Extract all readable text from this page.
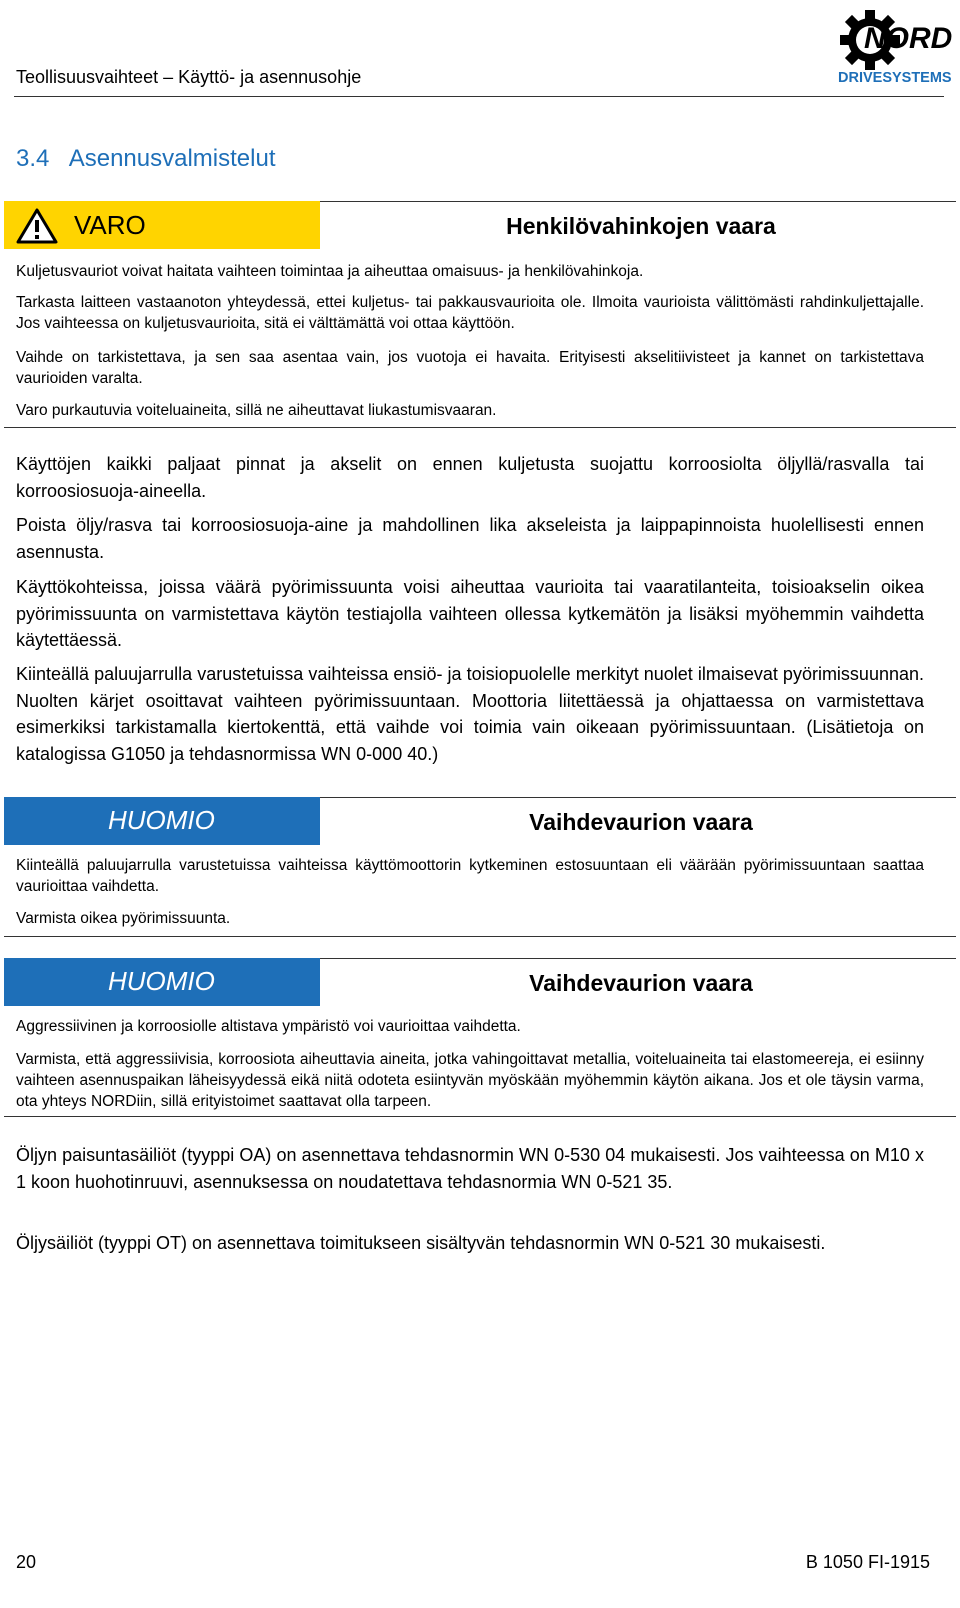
Teollisuusvaihteet – Käyttö- ja asennusohje
NORD
DRIVESYSTEMS
3.4 Asennusvalmistelut
VARO	Henkilövahinkojen vaara
Kuljetusvauriot voivat haitata vaihteen toimintaa ja aiheuttaa omaisuus- ja henkilövahinkoja.
Tarkasta laitteen vastaanoton yhteydessä, ettei kuljetus- tai pakkausvaurioita ole. Ilmoita vaurioista välittömästi rahdinkuljettajalle. Jos vaihteessa on kuljetusvaurioita, sitä ei välttämättä voi ottaa käyttöön.
Vaihde on tarkistettava, ja sen saa asentaa vain, jos vuotoja ei havaita. Erityisesti akselitiivisteet ja kannet on tarkistettava vaurioiden varalta.
Varo purkautuvia voiteluaineita, sillä ne aiheuttavat liukastumisvaaran.
Käyttöjen kaikki paljaat pinnat ja akselit on ennen kuljetusta suojattu korroosiolta öljyllä/rasvalla tai korroosiosuoja-aineella.
Poista öljy/rasva tai korroosiosuoja-aine ja mahdollinen lika akseleista ja laippapinnoista huolellisesti ennen asennusta.
Käyttökohteissa, joissa väärä pyörimissuunta voisi aiheuttaa vaurioita tai vaaratilanteita, toisioakselin oikea pyörimissuunta on varmistettava käytön testiajolla vaihteen ollessa kytkemätön ja lisäksi myöhemmin vaihdetta käytettäessä.
Kiinteällä paluujarrulla varustetuissa vaihteissa ensiö- ja toisiopuolelle merkityt nuolet ilmaisevat pyörimissuunnan. Nuolten kärjet osoittavat vaihteen pyörimissuuntaan. Moottoria liitettäessä ja ohjattaessa on varmistettava esimerkiksi tarkistamalla kiertokenttä, että vaihde voi toimia vain oikeaan pyörimissuuntaan. (Lisätietoja on katalogissa G1050 ja tehdasnormissa WN 0-000 40.)
HUOMIO	Vaihdevaurion vaara
Kiinteällä paluujarrulla varustetuissa vaihteissa käyttömoottorin kytkeminen estosuuntaan eli väärään pyörimissuuntaan saattaa vaurioittaa vaihdetta.
Varmista oikea pyörimissuunta.
HUOMIO	Vaihdevaurion vaara
Aggressiivinen ja korroosiolle altistava ympäristö voi vaurioittaa vaihdetta.
Varmista, että aggressiivisia, korroosiota aiheuttavia aineita, jotka vahingoittavat metallia, voiteluaineita tai elastomeereja, ei esiinny vaihteen asennuspaikan läheisyydessä eikä niitä odoteta esiintyvän myöskään myöhemmin käytön aikana. Jos et ole täysin varma, ota yhteys NORDiin, sillä erityistoimet saattavat olla tarpeen.
Öljyn paisuntasäiliöt (tyyppi OA) on asennettava tehdasnormin WN 0-530 04 mukaisesti. Jos vaihteessa on M10 x 1 koon huohotinruuvi, asennuksessa on noudatettava tehdasnormia WN 0-521 35.
Öljysäiliöt (tyyppi OT) on asennettava toimitukseen sisältyvän tehdasnormin WN 0-521 30 mukaisesti.
20	B 1050 FI-1915
